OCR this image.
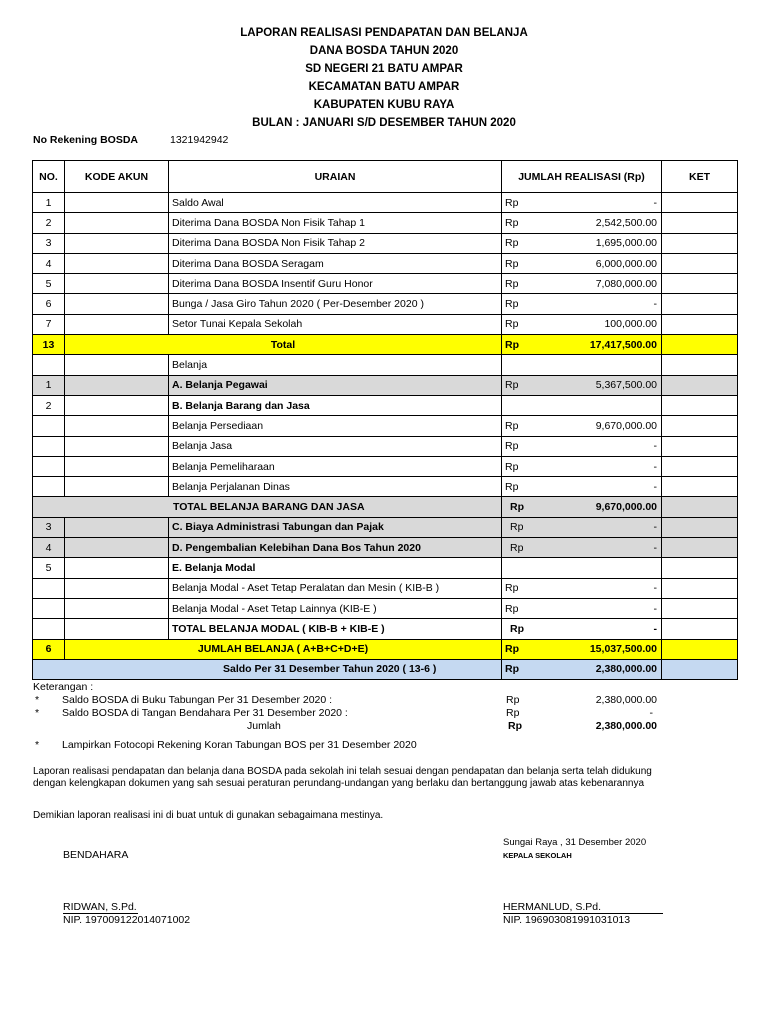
LAPORAN REALISASI PENDAPATAN DAN BELANJA
DANA BOSDA TAHUN 2020
SD NEGERI 21 BATU AMPAR
KECAMATAN BATU AMPAR
KABUPATEN KUBU RAYA
BULAN : JANUARI S/D DESEMBER TAHUN 2020
No Rekening BOSDA	1321942942
NO.	KODE AKUN	URAIAN	JUMLAH REALISASI (Rp)		KET
1		Saldo Awal	Rp	-	
2		Diterima Dana BOSDA Non Fisik Tahap 1	Rp	2,542,500.00	
3		Diterima Dana BOSDA Non Fisik Tahap 2	Rp	1,695,000.00	
4		Diterima Dana BOSDA Seragam	Rp	6,000,000.00	
5		Diterima Dana BOSDA Insentif Guru Honor	Rp	7,080,000.00	
6		Bunga / Jasa Giro Tahun 2020 ( Per-Desember 2020 )	Rp	-	
7		Setor Tunai Kepala Sekolah	Rp	100,000.00	
13	Total		Rp	17,417,500.00	
		Belanja			
1		A. Belanja Pegawai	Rp	5,367,500.00	
2		B. Belanja Barang dan Jasa			
		Belanja Persediaan	Rp	9,670,000.00	
		Belanja Jasa	Rp	-	
		Belanja Pemeliharaan	Rp	-	
		Belanja Perjalanan Dinas	Rp	-	
TOTAL BELANJA BARANG DAN JASA			Rp	9,670,000.00	
3		C. Biaya Administrasi Tabungan dan Pajak	Rp	-	
4		D. Pengembalian Kelebihan Dana Bos Tahun 2020	Rp	-	
5		E. Belanja Modal			
		Belanja Modal - Aset Tetap Peralatan dan Mesin ( KIB-B )	Rp	-	
		Belanja Modal - Aset Tetap Lainnya (KIB-E )	Rp	-	
		TOTAL BELANJA MODAL ( KIB-B + KIB-E )	Rp	-	
6	JUMLAH BELANJA ( A+B+C+D+E)		Rp	15,037,500.00	
Saldo Per 31 Desember Tahun 2020 ( 13-6 )			Rp	2,380,000.00	
Keterangan :
* Saldo BOSDA di Buku Tabungan Per 31 Desember 2020 :	Rp	2,380,000.00
* Saldo BOSDA di Tangan Bendahara Per 31 Desember 2020 :	Rp	-
Jumlah	Rp	2,380,000.00
* Lampirkan Fotocopi Rekening Koran Tabungan BOS per 31 Desember 2020
Laporan realisasi pendapatan dan belanja dana BOSDA pada sekolah ini telah sesuai dengan pendapatan dan belanja serta telah didukung
dengan kelengkapan dokumen yang sah sesuai peraturan perundang-undangan yang berlaku dan bertanggung jawab atas kebenarannya
Demikian laporan realisasi ini di buat untuk di gunakan sebagaimana mestinya.
Sungai Raya , 31 Desember 2020
BENDAHARA	KEPALA SEKOLAH
RIDWAN, S.Pd.
NIP. 197009122014071002
HERMANLUD, S.Pd.
NIP. 196903081991031013
